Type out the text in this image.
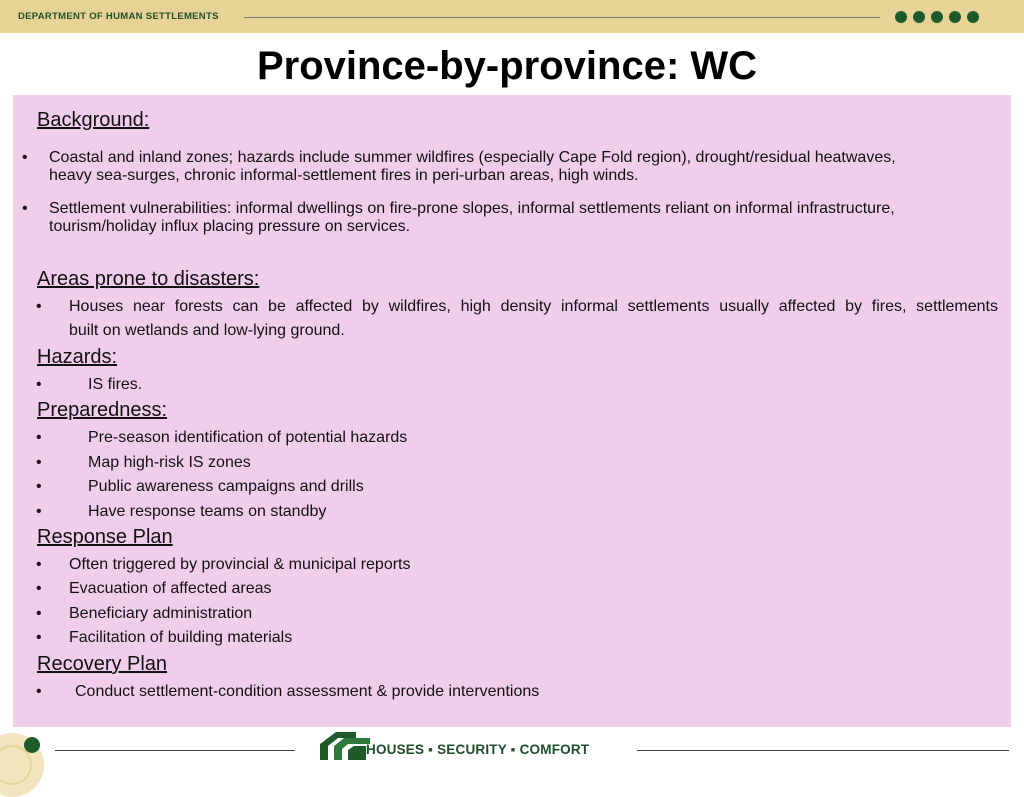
DEPARTMENT OF HUMAN SETTLEMENTS
Province-by-province: WC
Background:
• Coastal and inland zones; hazards include summer wildfires (especially Cape Fold region), drought/residual heatwaves,
heavy sea-surges, chronic informal-settlement fires in peri-urban areas, high winds.
• Settlement vulnerabilities: informal dwellings on fire-prone slopes, informal settlements reliant on informal infrastructure,
tourism/holiday influx placing pressure on services.
Areas prone to disasters:
• Houses near forests can be affected by wildfires, high density informal settlements usually affected by fires, settlements
built on wetlands and low-lying ground.
Hazards:
•	IS fires.
Preparedness:
•	Pre-season identification of potential hazards
•	Map high-risk IS zones
•	Public awareness campaigns and drills
•	Have response teams on standby
Response Plan
• Often triggered by provincial & municipal reports
• Evacuation of affected areas
• Beneficiary administration
• Facilitation of building materials
Recovery Plan
• Conduct settlement-condition assessment & provide interventions
HOUSES ▪ SECURITY ▪ COMFORT
